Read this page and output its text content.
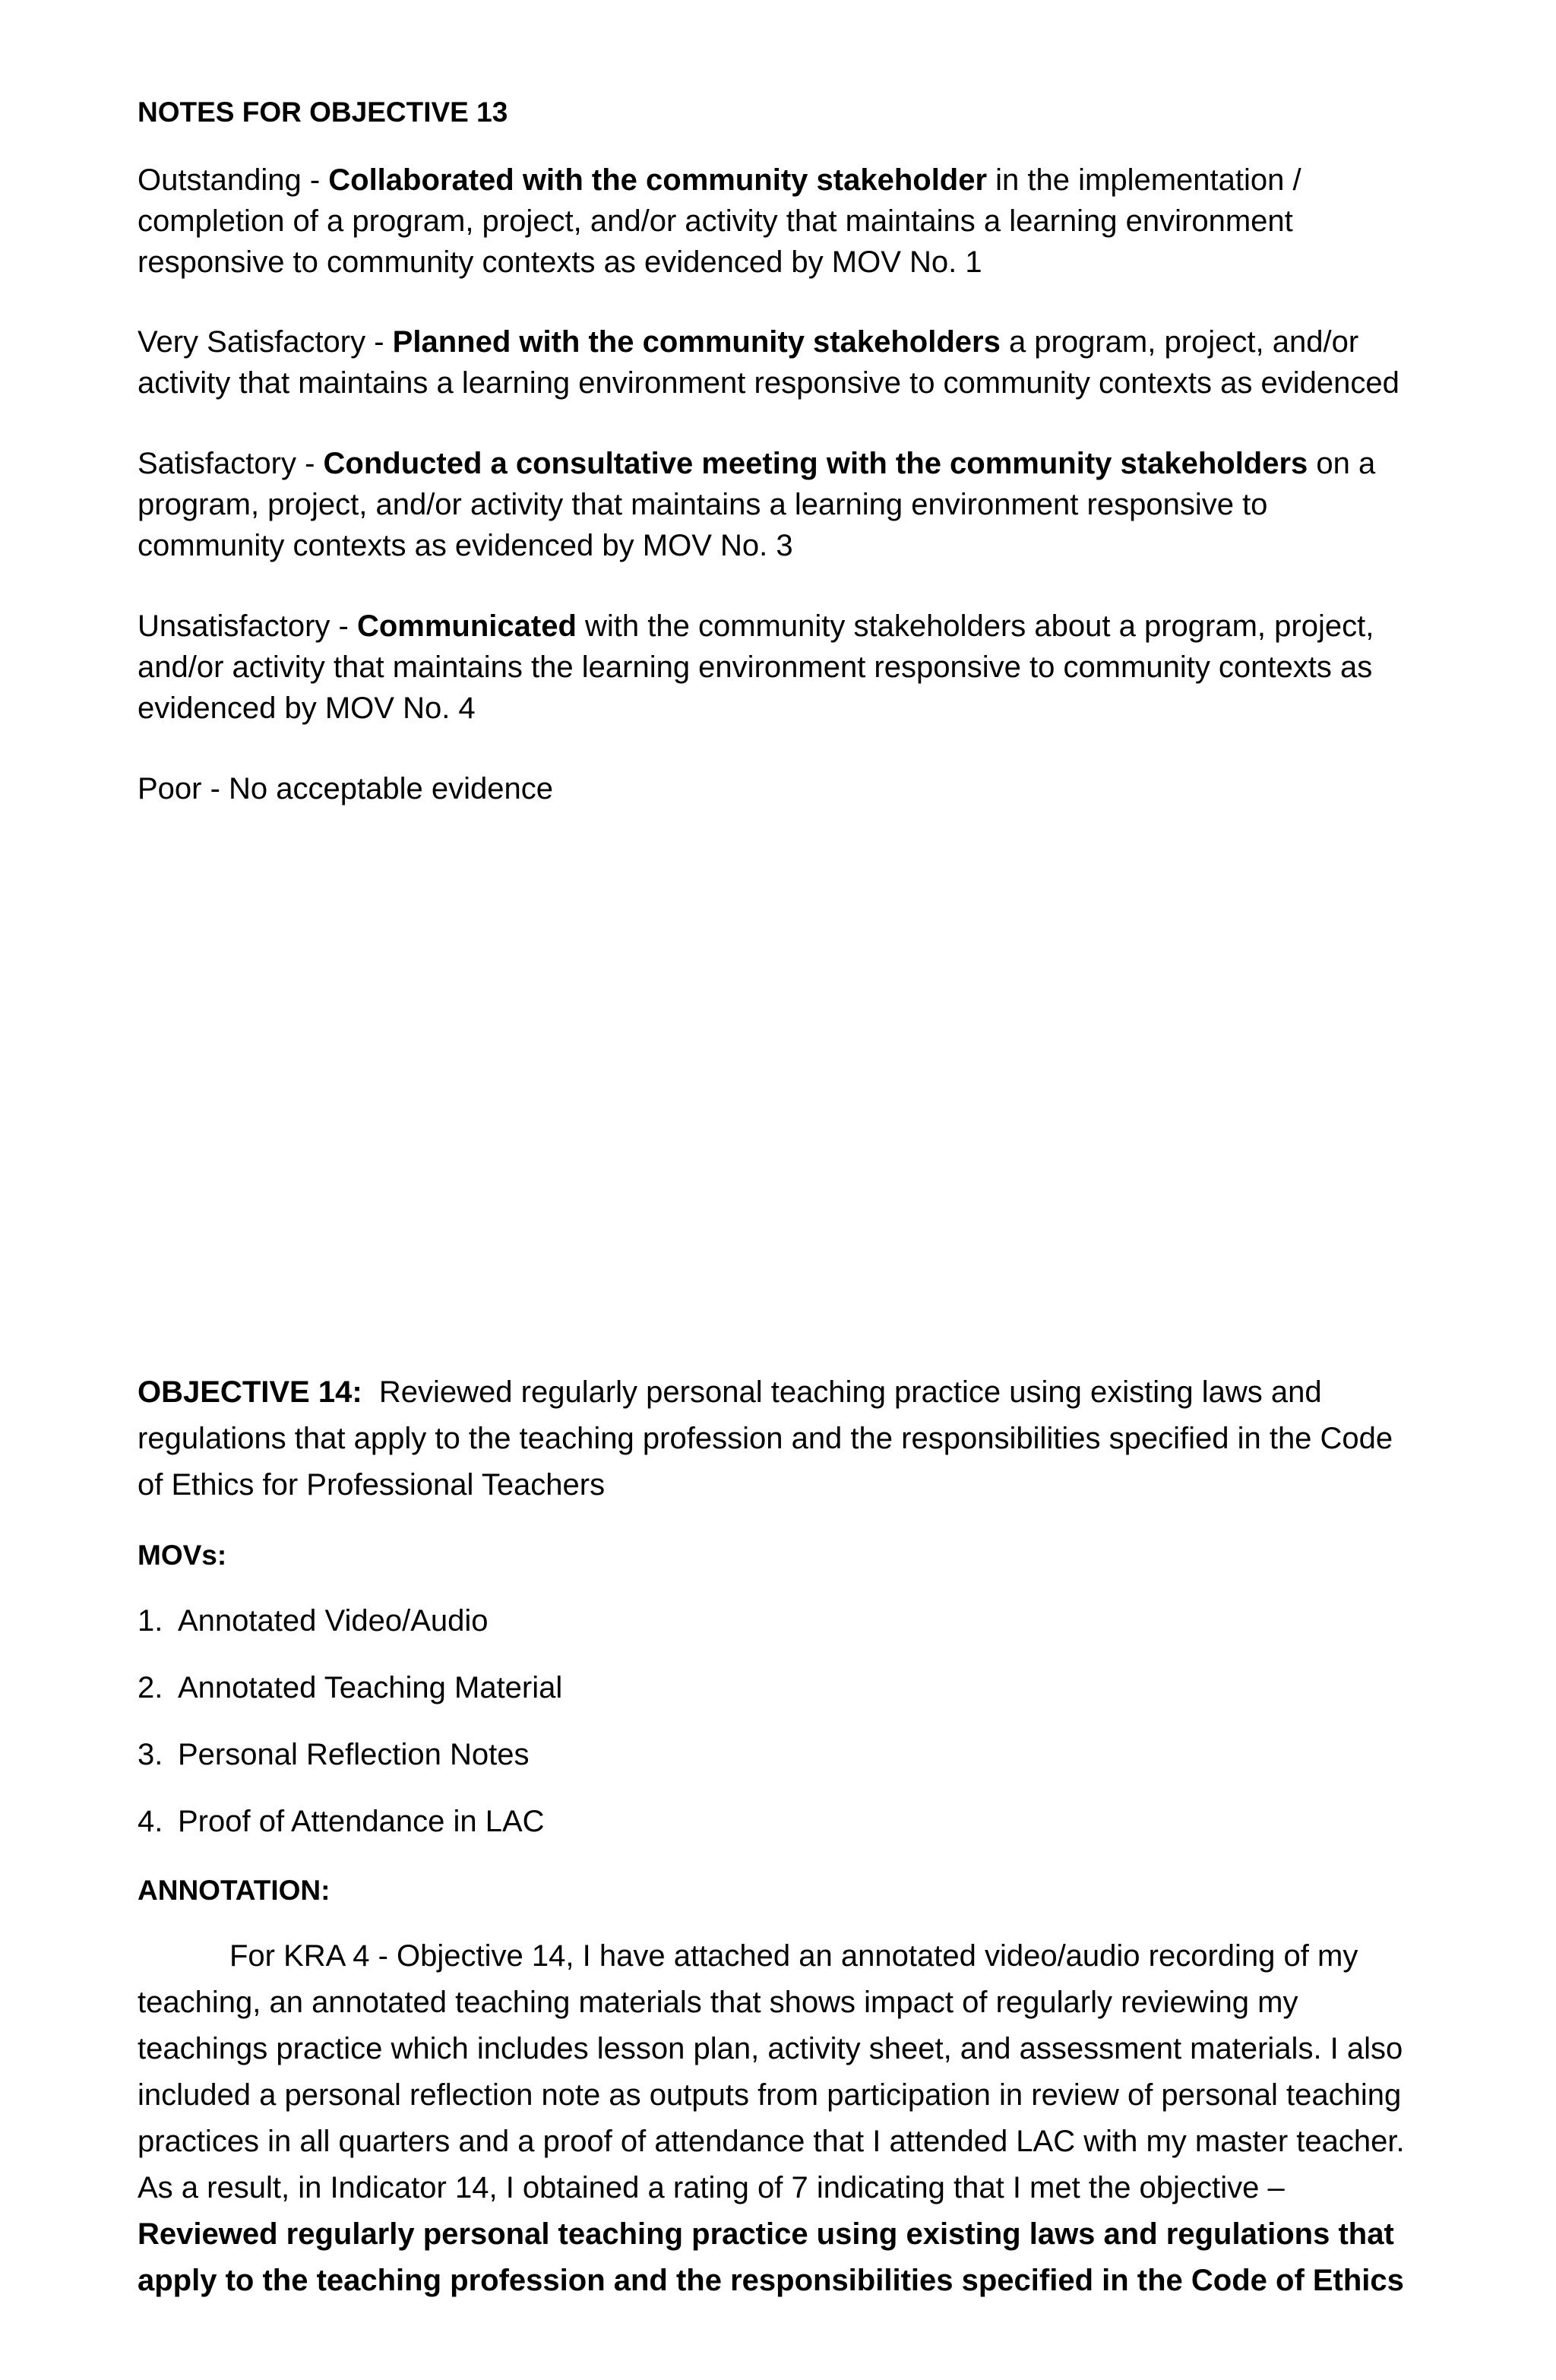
NOTES FOR OBJECTIVE 13

Outstanding - Collaborated with the community stakeholder in the implementation / completion of a program, project, and/or activity that maintains a learning environment responsive to community contexts as evidenced by MOV No. 1

Very Satisfactory - Planned with the community stakeholders a program, project, and/or activity that maintains a learning environment responsive to community contexts as evidenced

Satisfactory - Conducted a consultative meeting with the community stakeholders on a program, project, and/or activity that maintains a learning environment responsive to community contexts as evidenced by MOV No. 3

Unsatisfactory - Communicated with the community stakeholders about a program, project, and/or activity that maintains the learning environment responsive to community contexts as evidenced by MOV No. 4

Poor - No acceptable evidence

OBJECTIVE 14:  Reviewed regularly personal teaching practice using existing laws and regulations that apply to the teaching profession and the responsibilities specified in the Code of Ethics for Professional Teachers

MOVs:

1. Annotated Video/Audio

2. Annotated Teaching Material

3. Personal Reflection Notes

4. Proof of Attendance in LAC

ANNOTATION:

For KRA 4 - Objective 14, I have attached an annotated video/audio recording of my teaching, an annotated teaching materials that shows impact of regularly reviewing my teachings practice which includes lesson plan, activity sheet, and assessment materials. I also included a personal reflection note as outputs from participation in review of personal teaching practices in all quarters and a proof of attendance that I attended LAC with my master teacher. As a result, in Indicator 14, I obtained a rating of 7 indicating that I met the objective – Reviewed regularly personal teaching practice using existing laws and regulations that apply to the teaching profession and the responsibilities specified in the Code of Ethics
